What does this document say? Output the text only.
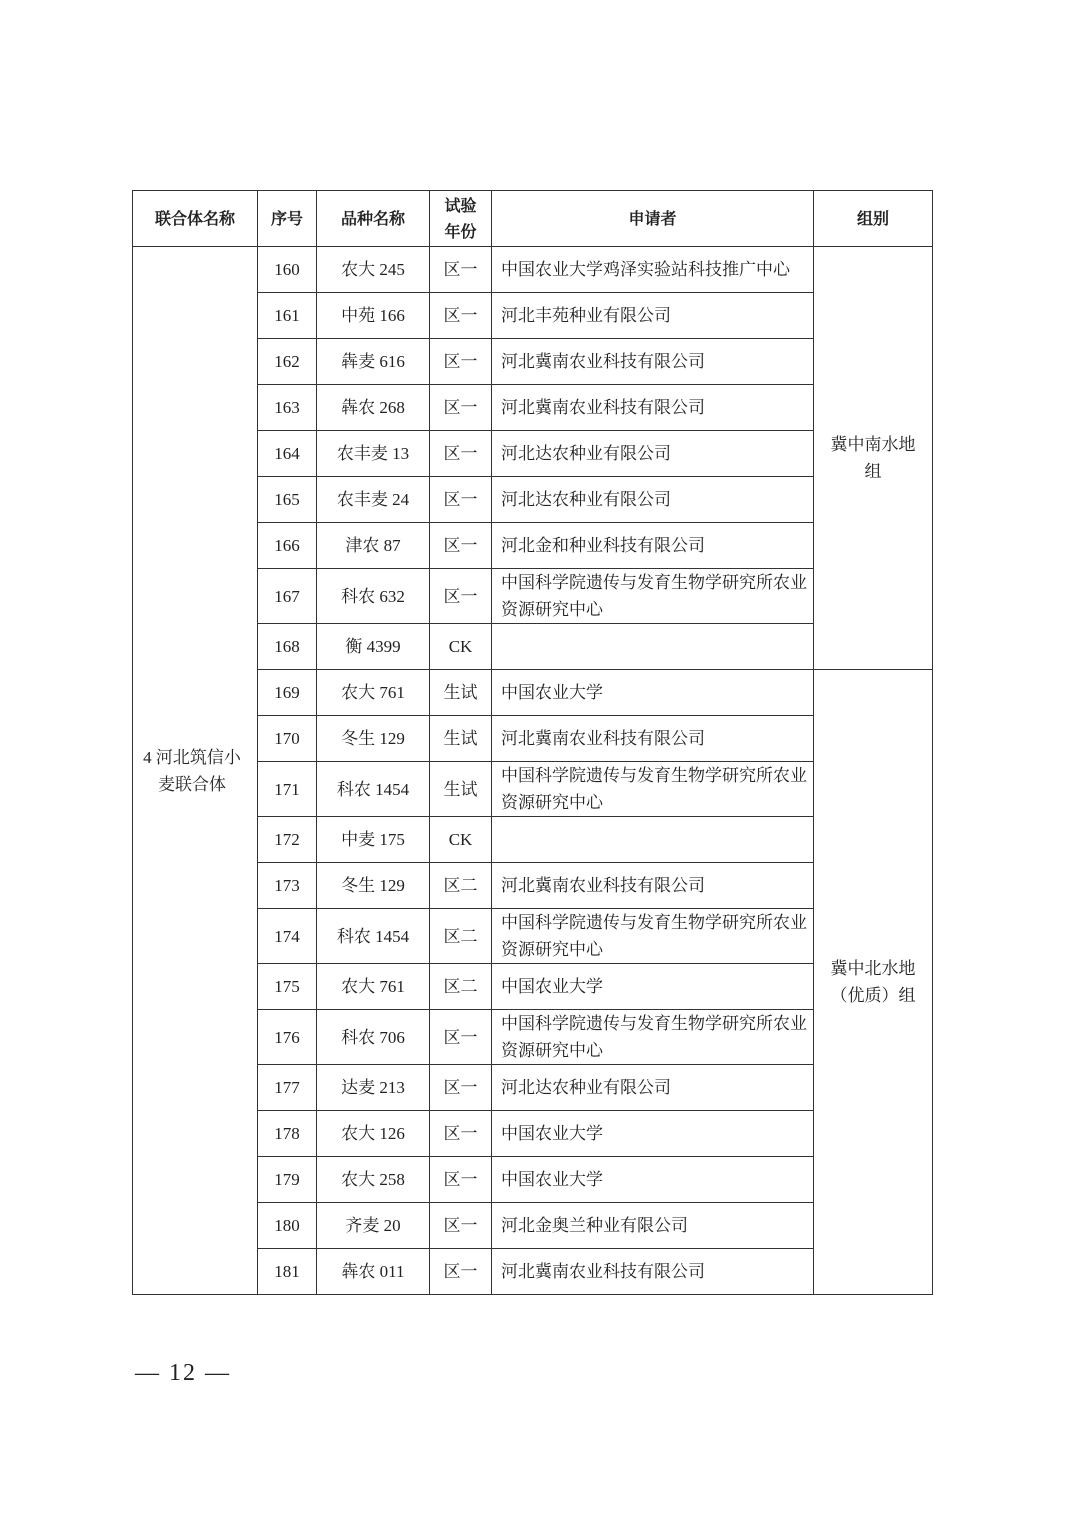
联合体名称	序号	品种名称	试验年份	申请者	组别
4 河北筑信小麦联合体	160	农大 245	区一	中国农业大学鸡泽实验站科技推广中心	冀中南水地组
	161	中苑 166	区一	河北丰苑种业有限公司	
	162	犇麦 616	区一	河北冀南农业科技有限公司	
	163	犇农 268	区一	河北冀南农业科技有限公司	
	164	农丰麦 13	区一	河北达农种业有限公司	
	165	农丰麦 24	区一	河北达农种业有限公司	
	166	津农 87	区一	河北金和种业科技有限公司	
	167	科农 632	区一	中国科学院遗传与发育生物学研究所农业资源研究中心	
	168	衡 4399	CK		
	169	农大 761	生试	中国农业大学	冀中北水地（优质）组
	170	冬生 129	生试	河北冀南农业科技有限公司	
	171	科农 1454	生试	中国科学院遗传与发育生物学研究所农业资源研究中心	
	172	中麦 175	CK		
	173	冬生 129	区二	河北冀南农业科技有限公司	
	174	科农 1454	区二	中国科学院遗传与发育生物学研究所农业资源研究中心	
	175	农大 761	区二	中国农业大学	
	176	科农 706	区一	中国科学院遗传与发育生物学研究所农业资源研究中心	
	177	达麦 213	区一	河北达农种业有限公司	
	178	农大 126	区一	中国农业大学	
	179	农大 258	区一	中国农业大学	
	180	齐麦 20	区一	河北金奥兰种业有限公司	
	181	犇农 011	区一	河北冀南农业科技有限公司	
— 12 —
